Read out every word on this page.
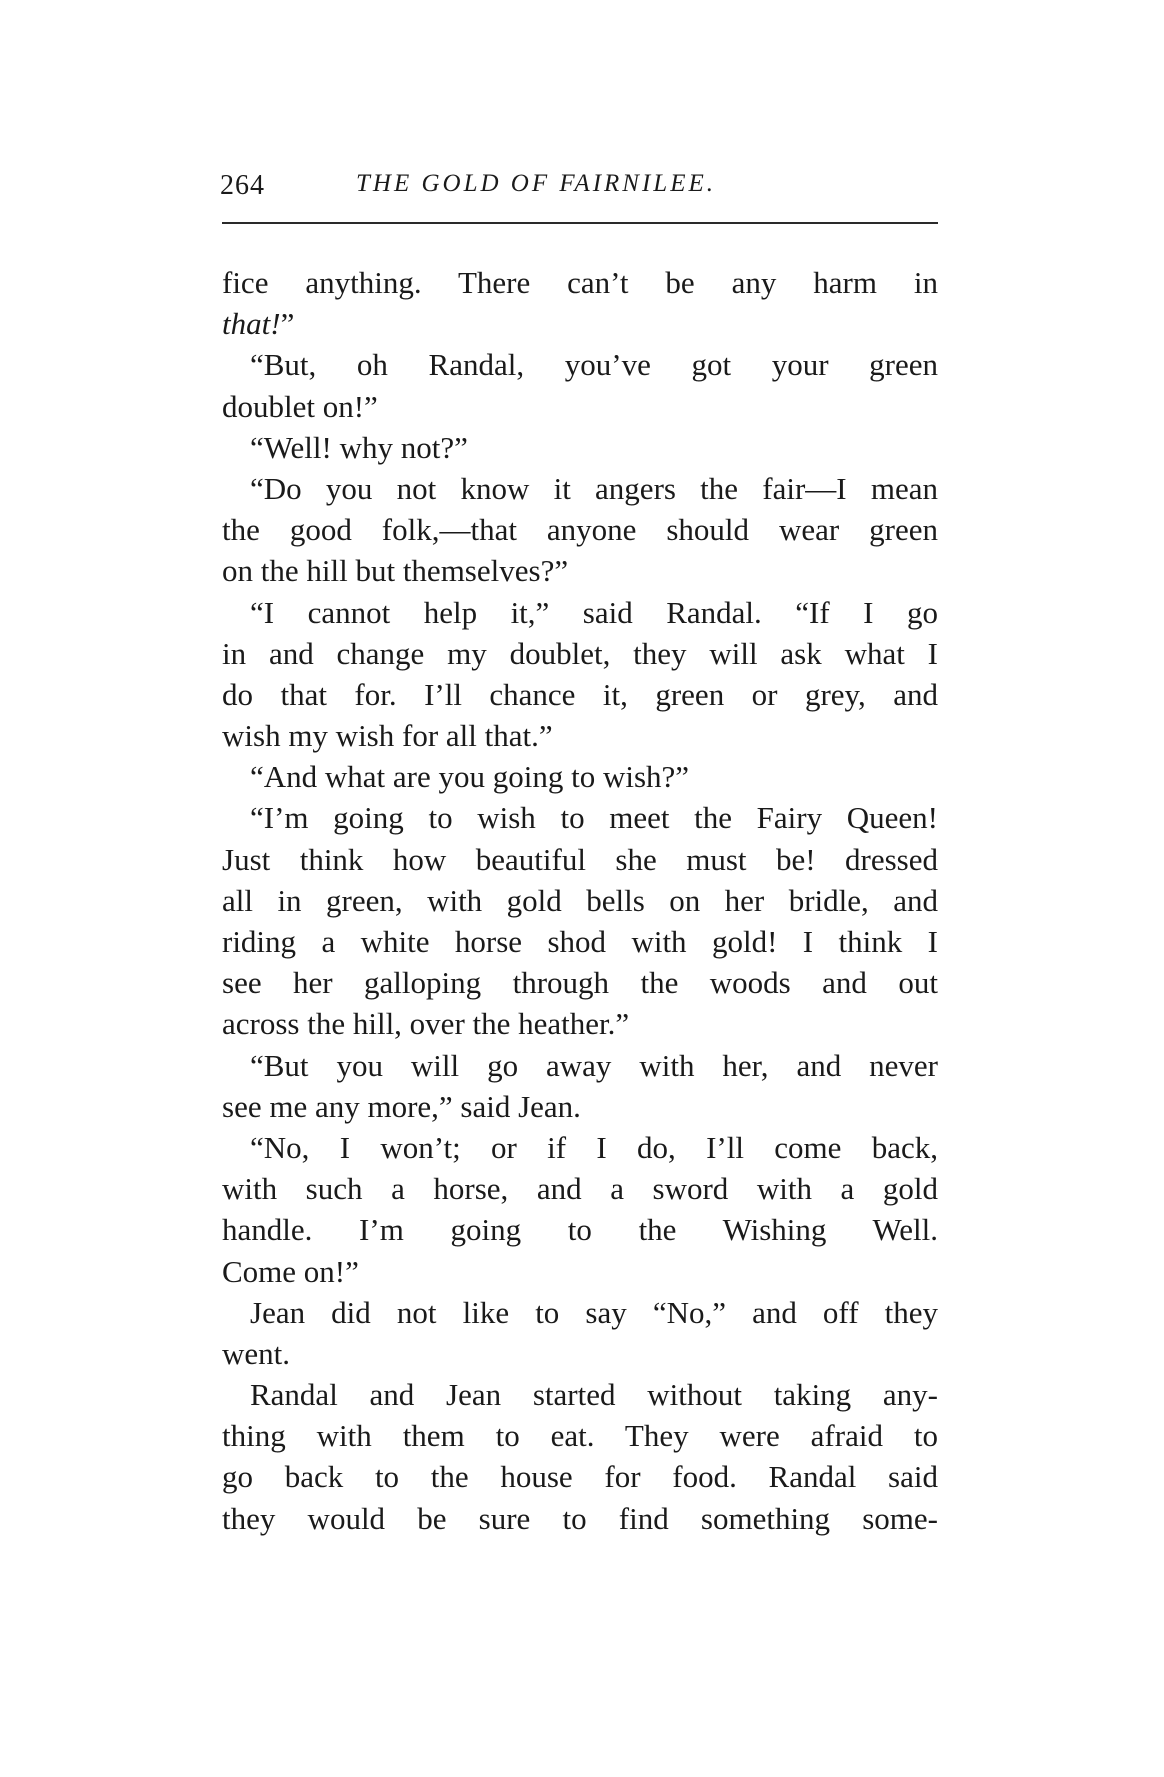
264	THE GOLD OF FAIRNILEE.
fice anything. There can’t be any harm in
that!”
“But, oh Randal, you’ve got your green
doublet on!”
“Well! why not?”
“Do you not know it angers the fair—I mean
the good folk,—that anyone should wear green
on the hill but themselves?”
“I cannot help it,” said Randal. “If I go
in and change my doublet, they will ask what I
do that for. I’ll chance it, green or grey, and
wish my wish for all that.”
“And what are you going to wish?”
“I’m going to wish to meet the Fairy Queen!
Just think how beautiful she must be! dressed
all in green, with gold bells on her bridle, and
riding a white horse shod with gold! I think I
see her galloping through the woods and out
across the hill, over the heather.”
“But you will go away with her, and never
see me any more,” said Jean.
“No, I won’t; or if I do, I’ll come back,
with such a horse, and a sword with a gold
handle. I’m going to the Wishing Well.
Come on!”
Jean did not like to say “No,” and off they
went.
Randal and Jean started without taking any-
thing with them to eat. They were afraid to
go back to the house for food. Randal said
they would be sure to find something some-
